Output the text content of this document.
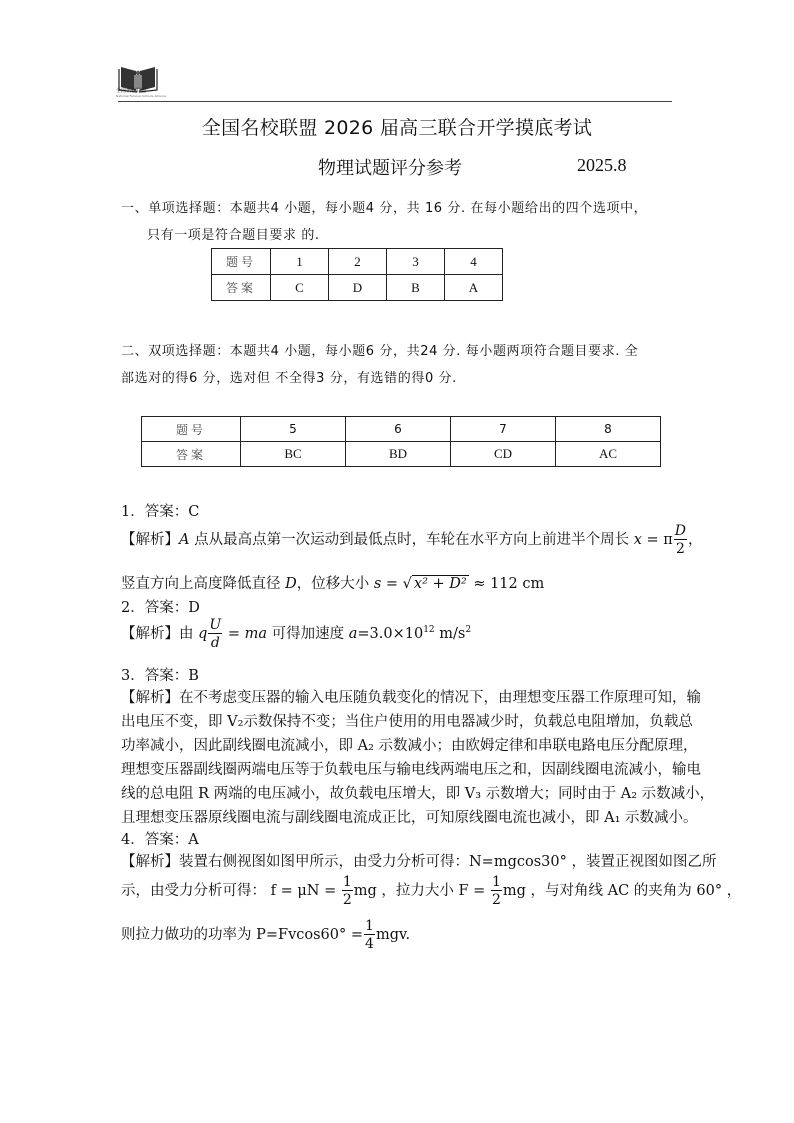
全国名校联盟
National Famous Schools Alliance
全国名校联盟 2026 届高三联合开学摸底考试
物理试题评分参考	2025.8
一、单项选择题：本题共4 小题，每小题4 分，共 16 分. 在每小题给出的四个选项中，
只有一项是符合题目要求 的.
题号	1	2	3	4
答案	C	D	B	A
二、双项选择题：本题共4 小题，每小题6 分，共24 分. 每小题两项符合题目要求. 全
部选对的得6 分，选对但 不全得3 分，有选错的得0 分.
题号	5	6	7	8
答案	BC	BD	CD	AC
1．答案：C
【解析】A 点从最高点第一次运动到最低点时，车轮在水平方向上前进半个周长 x = π $\frac{D}{2}$ ，
竖直方向上高度降低直径 D，位移大小 s = √ x² + D² ≈ 112 cm
2．答案：D
【解析】由 q $\frac{U}{d}$ = ma 可得加速度 $a=3.0\times 10^{12}$ $m/s^2$
3．答案：B
【解析】在不考虑变压器的输入电压随负载变化的情况下，由理想变压器工作原理可知，输
出电压不变，即 V₂示数保持不变；当住户使用的用电器减少时，负载总电阻增加，负载总
功率减小，因此副线圈电流减小，即 A₂ 示数减小；由欧姆定律和串联电路电压分配原理，
理想变压器副线圈两端电压等于负载电压与输电线两端电压之和，因副线圈电流减小，输电
线的总电阻 R 两端的电压减小，故负载电压增大，即 V₃ 示数增大；同时由于 A₂ 示数减小，
且理想变压器原线圈电流与副线圈电流成正比，可知原线圈电流也减小，即 A₁ 示数减小。
4．答案：A
【解析】装置右侧视图如图甲所示，由受力分析可得：N=mgcos30° ，装置正视图如图乙所
示，由受力分析可得： $f = \mu N = \frac{1}{2}$ mg ，拉力大小 $F = \frac{1}{2}$ mg ，与对角线 AC 的夹角为 60° ，
则拉力做功的功率为 $P=Fvcos60^\circ = \frac{1}{4}$ mgv.
